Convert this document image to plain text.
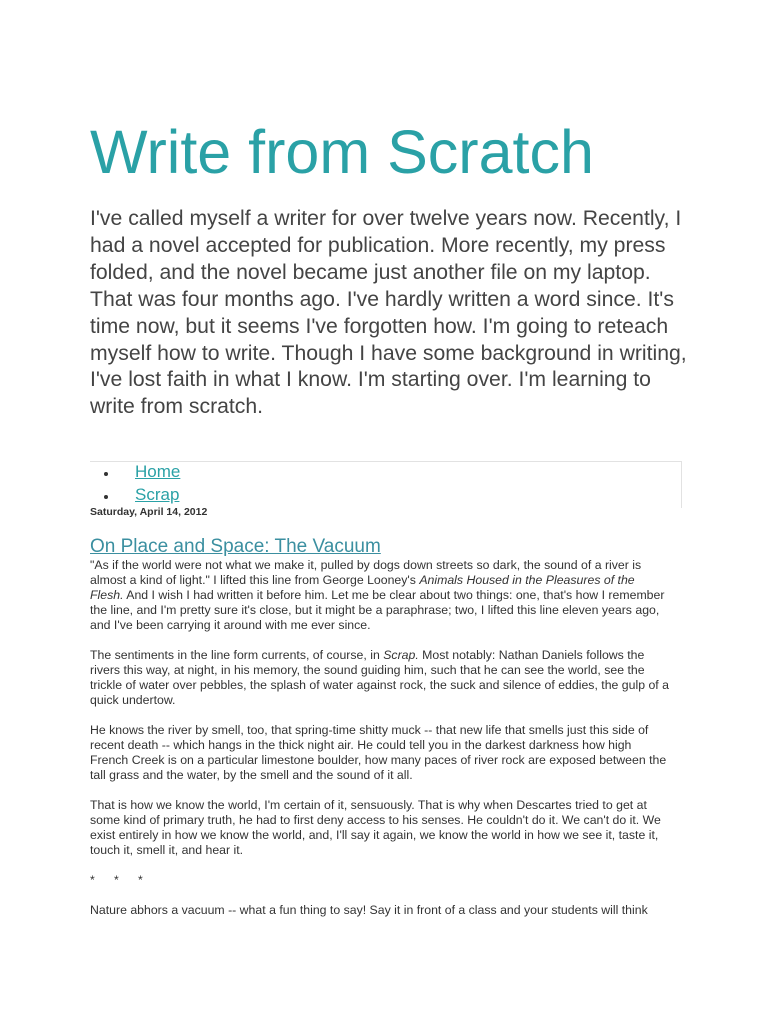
Write from Scratch

I've called myself a writer for over twelve years now. Recently, I had a novel accepted for publication. More recently, my press folded, and the novel became just another file on my laptop. That was four months ago. I've hardly written a word since. It's time now, but it seems I've forgotten how. I'm going to reteach myself how to write. Though I have some background in writing, I've lost faith in what I know. I'm starting over. I'm learning to write from scratch.

Home
Scrap
Saturday, April 14, 2012
On Place and Space: The Vacuum

"As if the world were not what we make it, pulled by dogs down streets so dark, the sound of a river is almost a kind of light." I lifted this line from George Looney's Animals Housed in the Pleasures of the Flesh. And I wish I had written it before him. Let me be clear about two things: one, that's how I remember the line, and I'm pretty sure it's close, but it might be a paraphrase; two, I lifted this line eleven years ago, and I've been carrying it around with me ever since.

The sentiments in the line form currents, of course, in Scrap. Most notably: Nathan Daniels follows the rivers this way, at night, in his memory, the sound guiding him, such that he can see the world, see the trickle of water over pebbles, the splash of water against rock, the suck and silence of eddies, the gulp of a quick undertow.

He knows the river by smell, too, that spring-time shitty muck -- that new life that smells just this side of recent death -- which hangs in the thick night air. He could tell you in the darkest darkness how high French Creek is on a particular limestone boulder, how many paces of river rock are exposed between the tall grass and the water, by the smell and the sound of it all.

That is how we know the world, I'm certain of it, sensuously. That is why when Descartes tried to get at some kind of primary truth, he had to first deny access to his senses. He couldn't do it. We can't do it. We exist entirely in how we know the world, and, I'll say it again, we know the world in how we see it, taste it, touch it, smell it, and hear it.

* * *

Nature abhors a vacuum -- what a fun thing to say! Say it in front of a class and your students will think
